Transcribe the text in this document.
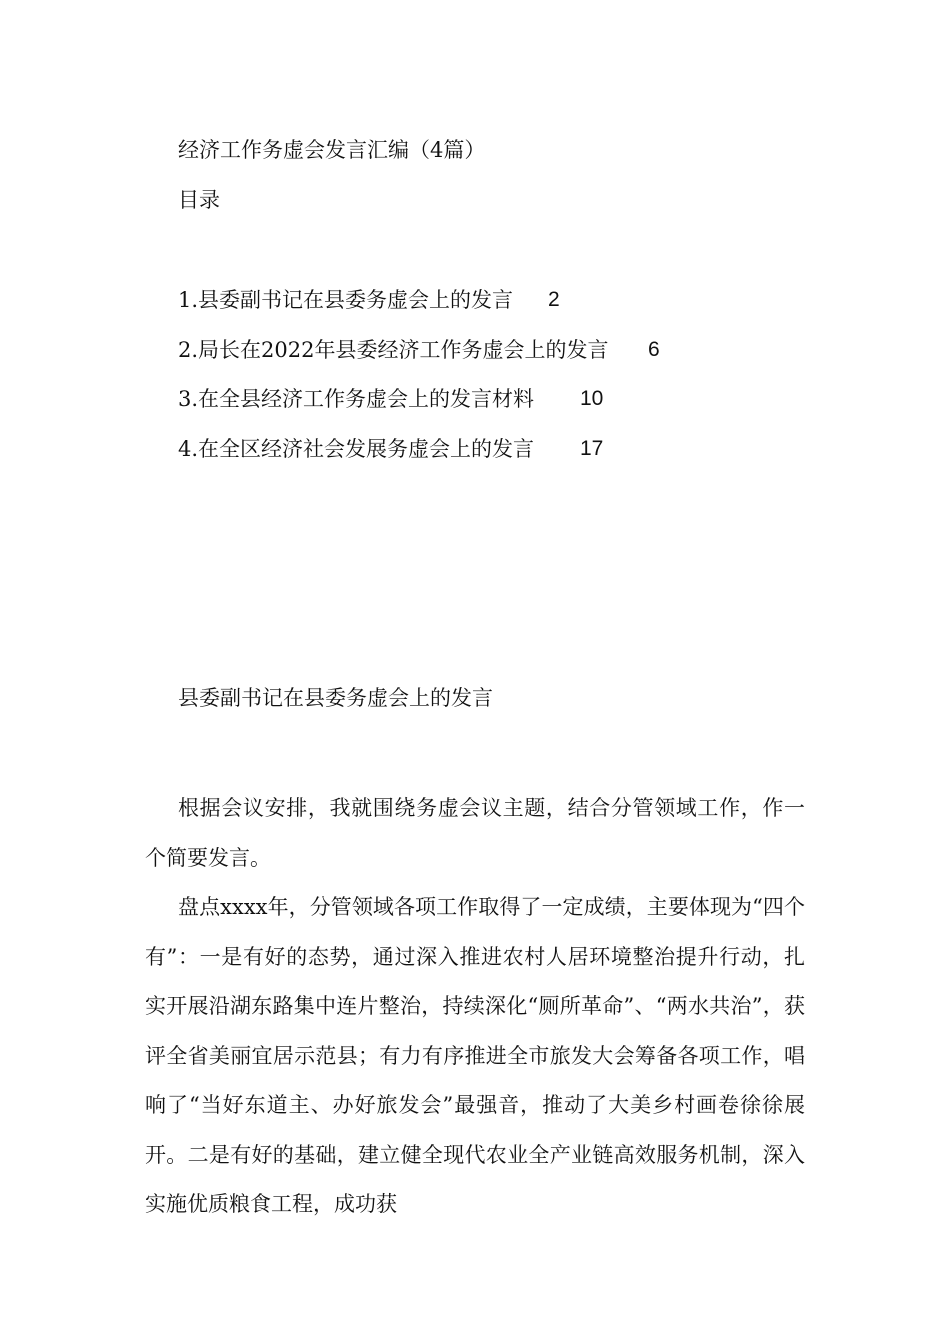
经济工作务虚会发言汇编（4篇）
目录
1.县委副书记在县委务虚会上的发言 2
2.局长在2022年县委经济工作务虚会上的发言 6
3.在全县经济工作务虚会上的发言材料 10
4.在全区经济社会发展务虚会上的发言 17
县委副书记在县委务虚会上的发言

根据会议安排，我就围绕务虚会议主题，结合分管领域工作，作一个简要发言。

盘点xxxx年，分管领域各项工作取得了一定成绩，主要体现为“四个有”：一是有好的态势，通过深入推进农村人居环境整治提升行动，扎实开展沿湖东路集中连片整治，持续深化“厕所革命”、“两水共治”，获评全省美丽宜居示范县；有力有序推进全市旅发大会筹备各项工作，唱响了“当好东道主、办好旅发会”最强音，推动了大美乡村画卷徐徐展开。二是有好的基础，建立健全现代农业全产业链高效服务机制，深入实施优质粮食工程，成功获
